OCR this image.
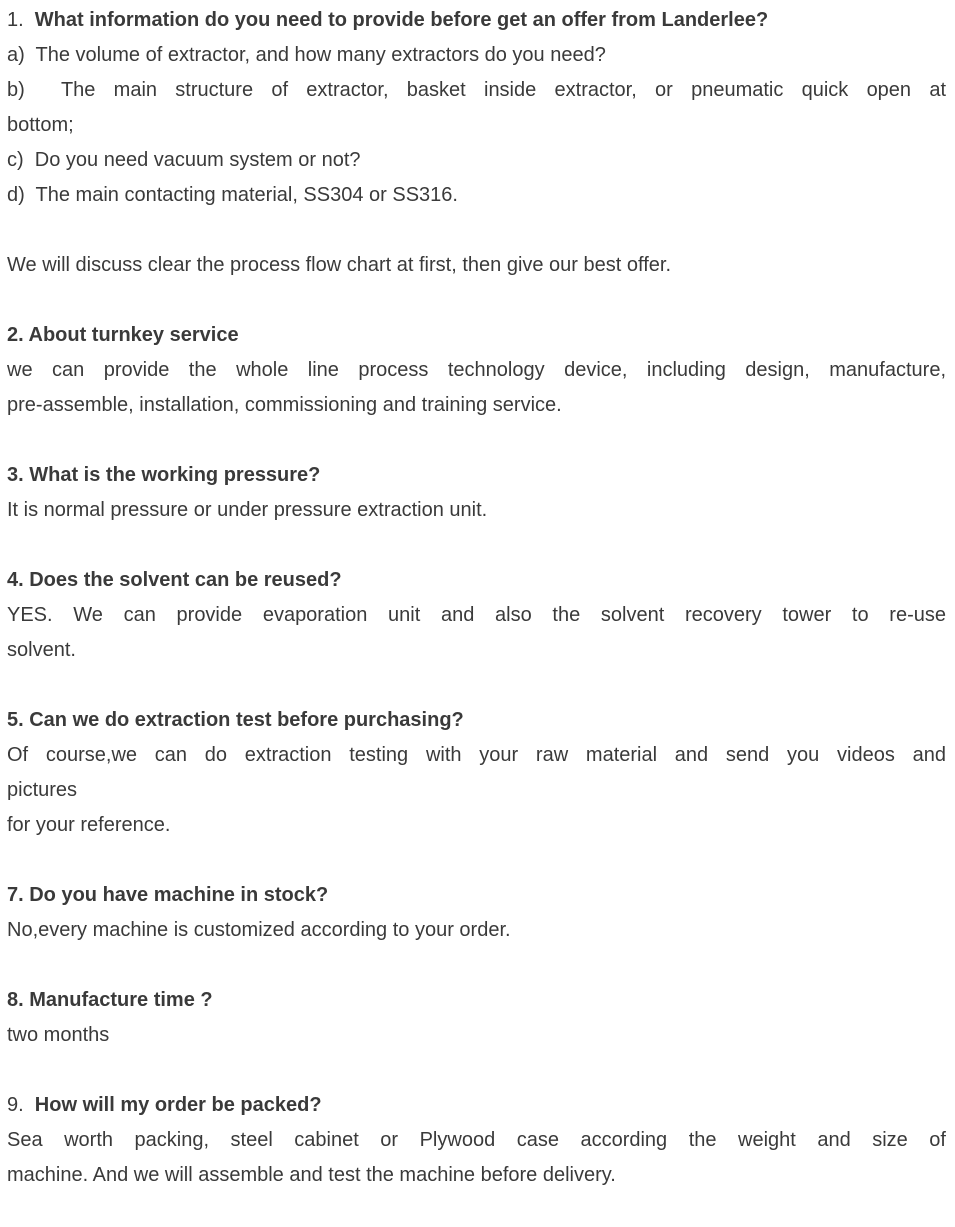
1.  What information do you need to provide before get an offer from Landerlee?
a)  The volume of extractor, and how many extractors do you need?
b)  The main structure of extractor, basket inside extractor, or pneumatic quick open at
bottom;
c)  Do you need vacuum system or not?
d)  The main contacting material, SS304 or SS316.
We will discuss clear the process flow chart at first, then give our best offer.
2. About turnkey service
we can provide the whole line process technology device, including design, manufacture,
pre-assemble, installation, commissioning and training service.
3. What is the working pressure?
It is normal pressure or under pressure extraction unit.
4. Does the solvent can be reused?
YES. We can provide evaporation unit and also the solvent recovery tower to re-use
solvent.
5. Can we do extraction test before purchasing?
Of course,we can do extraction testing with your raw material and send you videos and
pictures
for your reference.
7. Do you have machine in stock?
No,every machine is customized according to your order.
8. Manufacture time ?
two months
9.  How will my order be packed?
Sea worth packing, steel cabinet or Plywood case according the weight and size of
machine. And we will assemble and test the machine before delivery.
